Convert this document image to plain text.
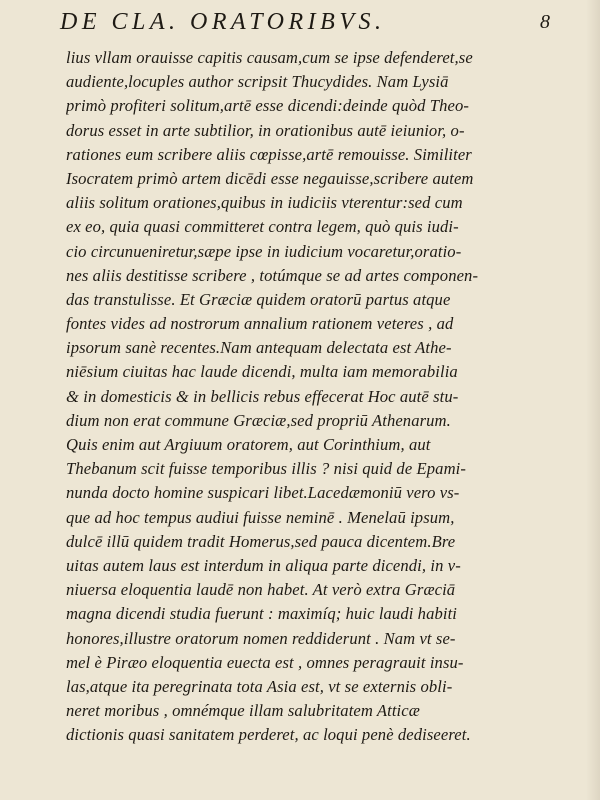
DE CLA. ORATORIBVS.	8
lius vllam orauisse capitis causam,cum se ipse defenderet,se
audiente,locuples author scripsit Thucydides. Nam Lysiā
primò profiteri solitum,artē esse dicendi:deinde quòd Theo-
dorus esset in arte subtilior, in orationibus autē ieiunior, o-
rationes eum scribere aliis cœpisse,artē remouisse. Similiter
Isocratem primò artem dicēdi esse negauisse,scribere autem
aliis solitum orationes,quibus in iudiciis vterentur:sed cum
ex eo, quia quasi committeret contra legem, quò quis iudi-
cio circunueniretur,sæpe ipse in iudicium vocaretur,oratio-
nes aliis destitisse scribere , totúmque se ad artes componen-
das transtulisse. Et Græciæ quidem oratorū partus atque
fontes vides ad nostrorum annalium rationem veteres , ad
ipsorum sanè recentes.Nam antequam delectata est Athe-
niēsium ciuitas hac laude dicendi, multa iam memorabilia
& in domesticis & in bellicis rebus effecerat Hoc autē stu-
dium non erat commune Græciæ,sed propriū Athenarum.
Quis enim aut Argiuum oratorem, aut Corinthium, aut
Thebanum scit fuisse temporibus illis ? nisi quid de Epami-
nunda docto homine suspicari libet.Lacedæmoniū vero vs-
que ad hoc tempus audiui fuisse neminē . Menelaū ipsum,
dulcē illū quidem tradit Homerus,sed pauca dicentem.Bre
uitas autem laus est interdum in aliqua parte dicendi, in v-
niuersa eloquentia laudē non habet. At verò extra Græciā
magna dicendi studia fuerunt : maximíq; huic laudi habiti
honores,illustre oratorum nomen reddiderunt . Nam vt se-
mel è Piræo eloquentia euecta est , omnes peragrauit insu-
las,atque ita peregrinata tota Asia est, vt se externis obli-
neret moribus , omnémque illam salubritatem Atticæ
dictionis quasi sanitatem perderet, ac loqui penè dediseeret.
